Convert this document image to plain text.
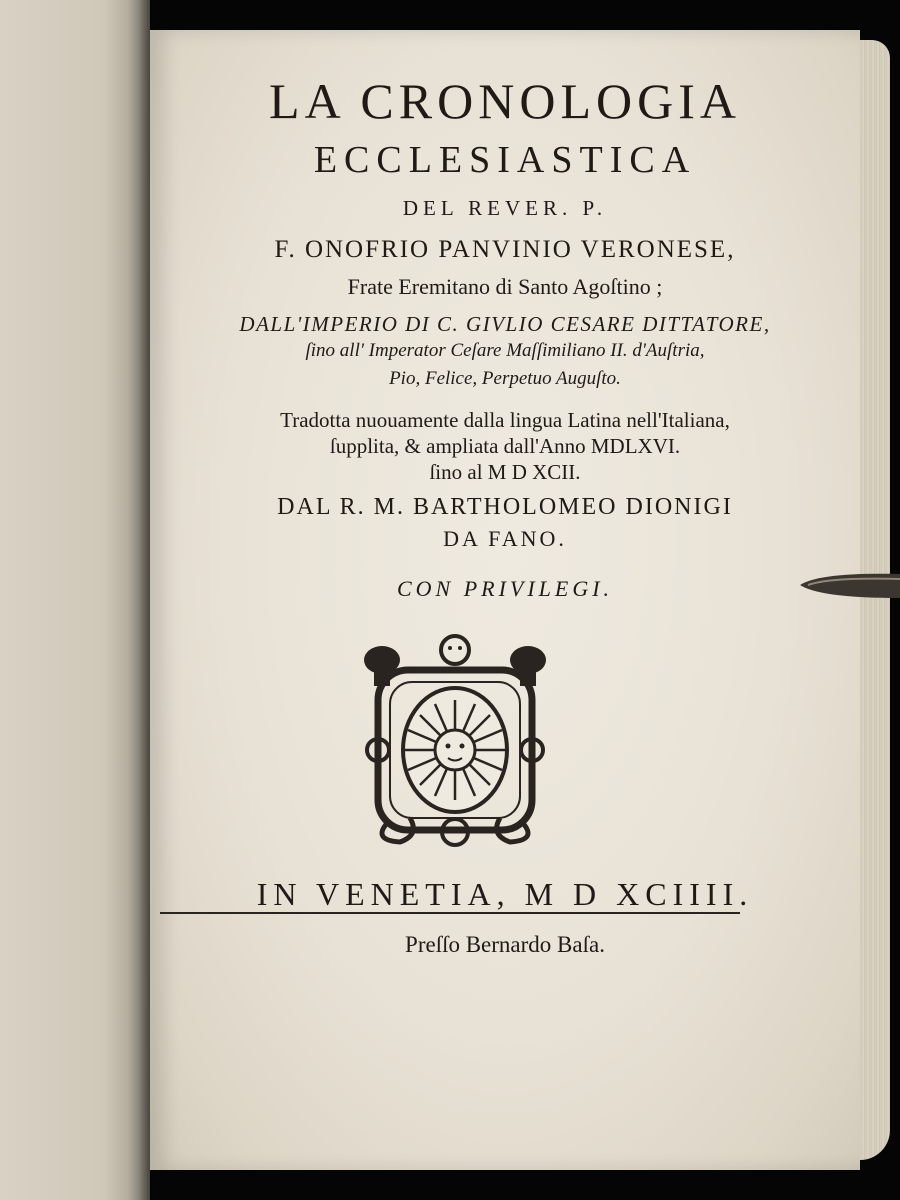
LA CRONOLOGIA
ECCLESIASTICA
DEL REVER. P.
F. ONOFRIO PANVINIO VERONESE,
Frate Eremitano di Santo Agoſtino ;
DALL'IMPERIO DI C. GIVLIO CESARE DITTATORE,
ſino all' Imperator Ceſare Maſſimiliano II. d'Auſtria,
Pio, Felice, Perpetuo Auguſto.
Tradotta nuouamente dalla lingua Latina nell'Italiana,
ſupplita, & ampliata dall'Anno MDLXVI.
ſino al M D XCII.
DAL R. M. BARTHOLOMEO DIONIGI
DA FANO.
CON PRIVILEGI.
IN VENETIA, M D XCIIII.
Preſſo Bernardo Baſa.
